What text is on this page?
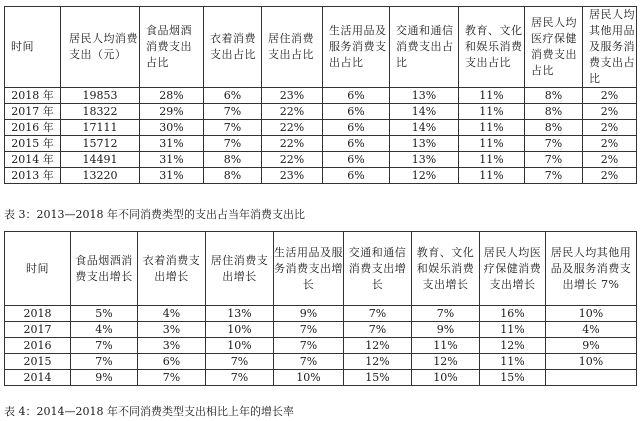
时间	居民人均消费支出（元）	食品烟酒消费支出占比	衣着消费支出占比	居住消费支出占比	生活用品及服务消费支出占比	交通和通信消费支出占比	教育、文化和娱乐消费支出占比	居民人均医疗保健消费支出占比	居民人均其他用品及服务消费支出占比
2018 年	19853	28%	6%	23%	6%	13%	11%	8%	2%
2017 年	18322	29%	7%	22%	6%	14%	11%	8%	2%
2016 年	17111	30%	7%	22%	6%	14%	11%	8%	2%
2015 年	15712	31%	7%	22%	6%	13%	11%	7%	2%
2014 年	14491	31%	8%	22%	6%	13%	11%	7%	2%
2013 年	13220	31%	8%	23%	6%	12%	11%	7%	2%
表 3：2013—2018 年不同消费类型的支出占当年消费支出比
时间	食品烟酒消费支出增长	衣着消费支出增长	居住消费支出增长	生活用品及服务消费支出增长	交通和通信消费支出增长	教育、文化和娱乐消费支出增长	居民人均医疗保健消费支出增长	居民人均其他用品及服务消费支出增长 7%
2018	5%	4%	13%	9%	7%	7%	16%	10%
2017	4%	3%	10%	7%	7%	9%	11%	4%
2016	7%	3%	10%	7%	12%	11%	12%	9%
2015	7%	6%	7%	7%	12%	12%	11%	10%
2014	9%	7%	7%	10%	15%	10%	15%	
表 4：2014—2018 年不同消费类型支出相比上年的增长率
